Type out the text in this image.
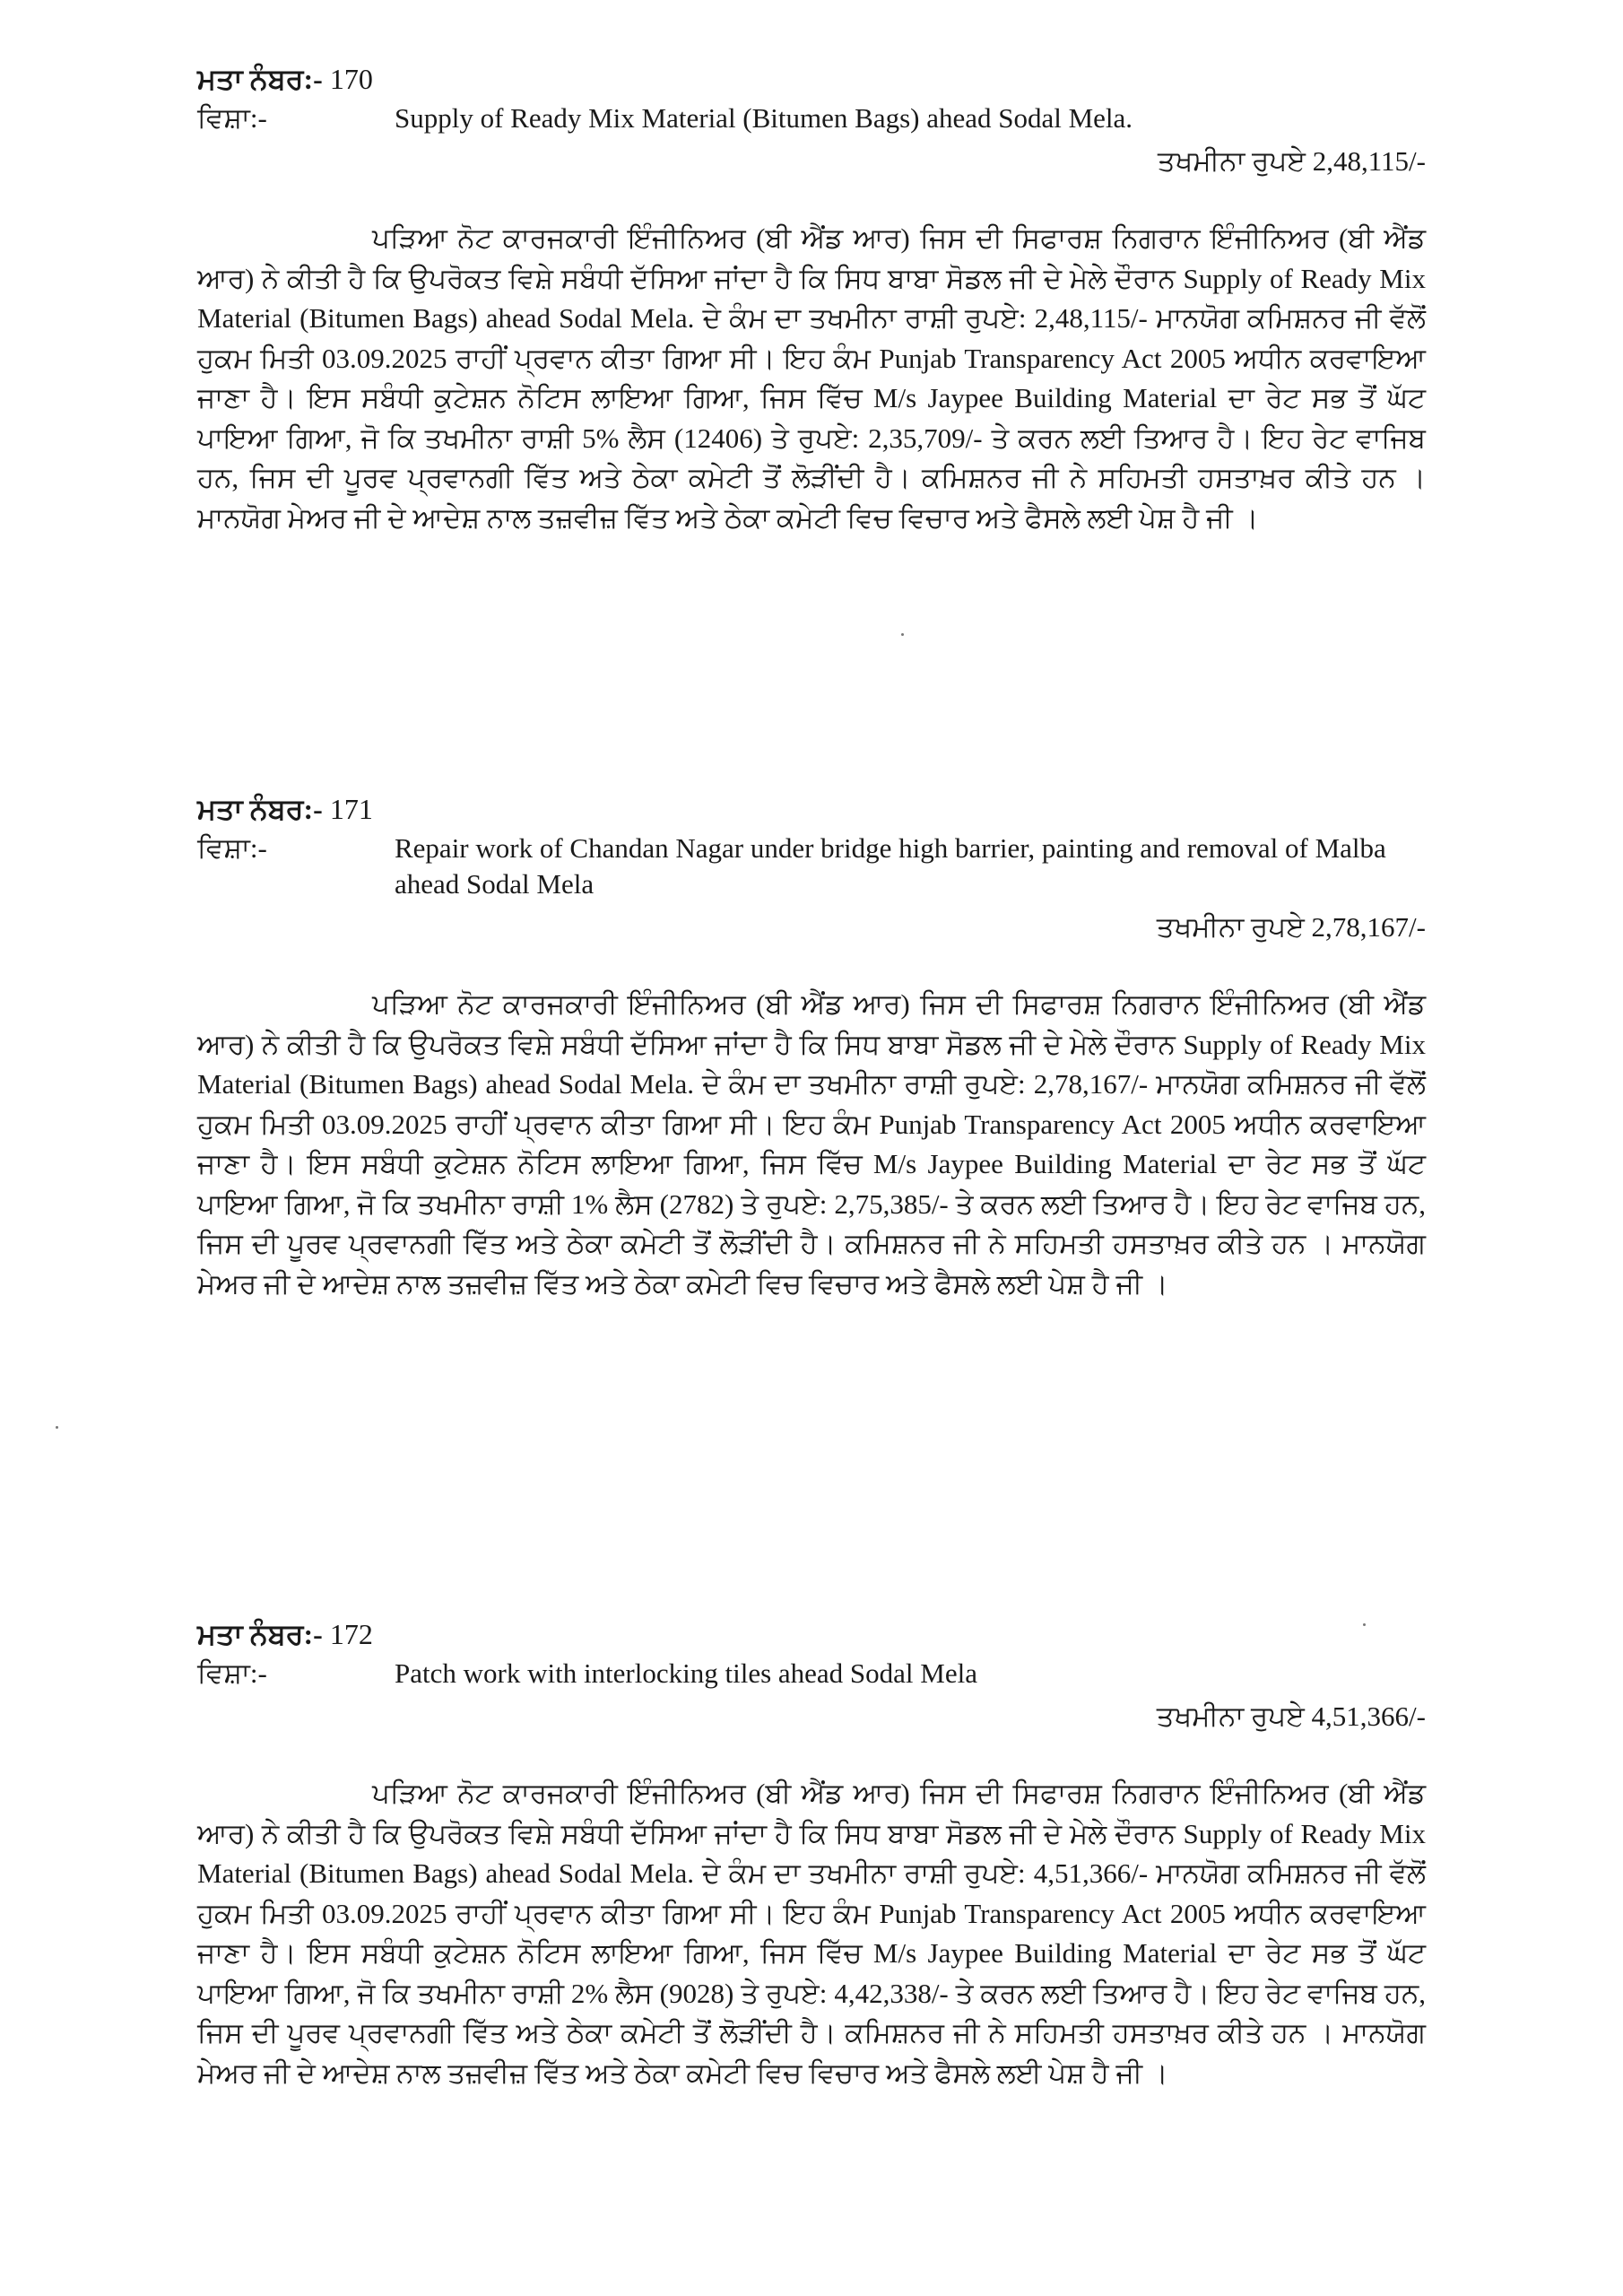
ਮਤਾ ਨੰਬਰ:- 170
ਵਿਸ਼ਾ:-	Supply of Ready Mix Material (Bitumen Bags) ahead Sodal Mela.
ਤਖਮੀਨਾ ਰੁਪਏ 2,48,115/-

ਪੜਿਆ ਨੋਟ ਕਾਰਜਕਾਰੀ ਇੰਜੀਨਿਅਰ (ਬੀ ਐਂਡ ਆਰ) ਜਿਸ ਦੀ ਸਿਫਾਰਸ਼ ਨਿਗਰਾਨ ਇੰਜੀਨਿਅਰ (ਬੀ ਐਂਡ ਆਰ) ਨੇ ਕੀਤੀ ਹੈ ਕਿ ਉਪਰੋਕਤ ਵਿਸ਼ੇ ਸਬੰਧੀ ਦੱਸਿਆ ਜਾਂਦਾ ਹੈ ਕਿ ਸਿਧ ਬਾਬਾ ਸੋਡਲ ਜੀ ਦੇ ਮੇਲੇ ਦੌਰਾਨ Supply of Ready Mix Material (Bitumen Bags) ahead Sodal Mela. ਦੇ ਕੰਮ ਦਾ ਤਖਮੀਨਾ ਰਾਸ਼ੀ ਰੁਪਏ: 2,48,115/- ਮਾਨਯੋਗ ਕਮਿਸ਼ਨਰ ਜੀ ਵੱਲੋਂ ਹੁਕਮ ਮਿਤੀ 03.09.2025 ਰਾਹੀਂ ਪ੍ਰਵਾਨ ਕੀਤਾ ਗਿਆ ਸੀ। ਇਹ ਕੰਮ Punjab Transparency Act 2005 ਅਧੀਨ ਕਰਵਾਇਆ ਜਾਣਾ ਹੈ। ਇਸ ਸਬੰਧੀ ਕੁਟੇਸ਼ਨ ਨੋਟਿਸ ਲਾਇਆ ਗਿਆ, ਜਿਸ ਵਿੱਚ M/s Jaypee Building Material ਦਾ ਰੇਟ ਸਭ ਤੋਂ ਘੱਟ ਪਾਇਆ ਗਿਆ, ਜੋ ਕਿ ਤਖਮੀਨਾ ਰਾਸ਼ੀ 5% ਲੈਸ (12406) ਤੇ ਰੁਪਏ: 2,35,709/- ਤੇ ਕਰਨ ਲਈ ਤਿਆਰ ਹੈ। ਇਹ ਰੇਟ ਵਾਜਿਬ ਹਨ, ਜਿਸ ਦੀ ਪੂਰਵ ਪ੍ਰਵਾਨਗੀ ਵਿੱਤ ਅਤੇ ਠੇਕਾ ਕਮੇਟੀ ਤੋਂ ਲੋੜੀਂਦੀ ਹੈ। ਕਮਿਸ਼ਨਰ ਜੀ ਨੇ ਸਹਿਮਤੀ ਹਸਤਾਖ਼ਰ ਕੀਤੇ ਹਨ । ਮਾਨਯੋਗ ਮੇਅਰ ਜੀ ਦੇ ਆਦੇਸ਼ ਨਾਲ ਤਜ਼ਵੀਜ਼ ਵਿੱਤ ਅਤੇ ਠੇਕਾ ਕਮੇਟੀ ਵਿਚ ਵਿਚਾਰ ਅਤੇ ਫੈਸਲੇ ਲਈ ਪੇਸ਼ ਹੈ ਜੀ ।

ਮਤਾ ਨੰਬਰ:- 171
ਵਿਸ਼ਾ:-	Repair work of Chandan Nagar under bridge high barrier, painting and removal of Malba ahead Sodal Mela
ਤਖਮੀਨਾ ਰੁਪਏ 2,78,167/-

ਪੜਿਆ ਨੋਟ ਕਾਰਜਕਾਰੀ ਇੰਜੀਨਿਅਰ (ਬੀ ਐਂਡ ਆਰ) ਜਿਸ ਦੀ ਸਿਫਾਰਸ਼ ਨਿਗਰਾਨ ਇੰਜੀਨਿਅਰ (ਬੀ ਐਂਡ ਆਰ) ਨੇ ਕੀਤੀ ਹੈ ਕਿ ਉਪਰੋਕਤ ਵਿਸ਼ੇ ਸਬੰਧੀ ਦੱਸਿਆ ਜਾਂਦਾ ਹੈ ਕਿ ਸਿਧ ਬਾਬਾ ਸੋਡਲ ਜੀ ਦੇ ਮੇਲੇ ਦੌਰਾਨ Supply of Ready Mix Material (Bitumen Bags) ahead Sodal Mela. ਦੇ ਕੰਮ ਦਾ ਤਖਮੀਨਾ ਰਾਸ਼ੀ ਰੁਪਏ: 2,78,167/- ਮਾਨਯੋਗ ਕਮਿਸ਼ਨਰ ਜੀ ਵੱਲੋਂ ਹੁਕਮ ਮਿਤੀ 03.09.2025 ਰਾਹੀਂ ਪ੍ਰਵਾਨ ਕੀਤਾ ਗਿਆ ਸੀ। ਇਹ ਕੰਮ Punjab Transparency Act 2005 ਅਧੀਨ ਕਰਵਾਇਆ ਜਾਣਾ ਹੈ। ਇਸ ਸਬੰਧੀ ਕੁਟੇਸ਼ਨ ਨੋਟਿਸ ਲਾਇਆ ਗਿਆ, ਜਿਸ ਵਿੱਚ M/s Jaypee Building Material ਦਾ ਰੇਟ ਸਭ ਤੋਂ ਘੱਟ ਪਾਇਆ ਗਿਆ, ਜੋ ਕਿ ਤਖਮੀਨਾ ਰਾਸ਼ੀ 1% ਲੈਸ (2782) ਤੇ ਰੁਪਏ: 2,75,385/- ਤੇ ਕਰਨ ਲਈ ਤਿਆਰ ਹੈ। ਇਹ ਰੇਟ ਵਾਜਿਬ ਹਨ, ਜਿਸ ਦੀ ਪੂਰਵ ਪ੍ਰਵਾਨਗੀ ਵਿੱਤ ਅਤੇ ਠੇਕਾ ਕਮੇਟੀ ਤੋਂ ਲੋੜੀਂਦੀ ਹੈ। ਕਮਿਸ਼ਨਰ ਜੀ ਨੇ ਸਹਿਮਤੀ ਹਸਤਾਖ਼ਰ ਕੀਤੇ ਹਨ । ਮਾਨਯੋਗ ਮੇਅਰ ਜੀ ਦੇ ਆਦੇਸ਼ ਨਾਲ ਤਜ਼ਵੀਜ਼ ਵਿੱਤ ਅਤੇ ਠੇਕਾ ਕਮੇਟੀ ਵਿਚ ਵਿਚਾਰ ਅਤੇ ਫੈਸਲੇ ਲਈ ਪੇਸ਼ ਹੈ ਜੀ ।

ਮਤਾ ਨੰਬਰ:- 172
ਵਿਸ਼ਾ:-	Patch work with interlocking tiles ahead Sodal Mela
ਤਖਮੀਨਾ ਰੁਪਏ 4,51,366/-

ਪੜਿਆ ਨੋਟ ਕਾਰਜਕਾਰੀ ਇੰਜੀਨਿਅਰ (ਬੀ ਐਂਡ ਆਰ) ਜਿਸ ਦੀ ਸਿਫਾਰਸ਼ ਨਿਗਰਾਨ ਇੰਜੀਨਿਅਰ (ਬੀ ਐਂਡ ਆਰ) ਨੇ ਕੀਤੀ ਹੈ ਕਿ ਉਪਰੋਕਤ ਵਿਸ਼ੇ ਸਬੰਧੀ ਦੱਸਿਆ ਜਾਂਦਾ ਹੈ ਕਿ ਸਿਧ ਬਾਬਾ ਸੋਡਲ ਜੀ ਦੇ ਮੇਲੇ ਦੌਰਾਨ Supply of Ready Mix Material (Bitumen Bags) ahead Sodal Mela. ਦੇ ਕੰਮ ਦਾ ਤਖਮੀਨਾ ਰਾਸ਼ੀ ਰੁਪਏ: 4,51,366/- ਮਾਨਯੋਗ ਕਮਿਸ਼ਨਰ ਜੀ ਵੱਲੋਂ ਹੁਕਮ ਮਿਤੀ 03.09.2025 ਰਾਹੀਂ ਪ੍ਰਵਾਨ ਕੀਤਾ ਗਿਆ ਸੀ। ਇਹ ਕੰਮ Punjab Transparency Act 2005 ਅਧੀਨ ਕਰਵਾਇਆ ਜਾਣਾ ਹੈ। ਇਸ ਸਬੰਧੀ ਕੁਟੇਸ਼ਨ ਨੋਟਿਸ ਲਾਇਆ ਗਿਆ, ਜਿਸ ਵਿੱਚ M/s Jaypee Building Material ਦਾ ਰੇਟ ਸਭ ਤੋਂ ਘੱਟ ਪਾਇਆ ਗਿਆ, ਜੋ ਕਿ ਤਖਮੀਨਾ ਰਾਸ਼ੀ 2% ਲੈਸ (9028) ਤੇ ਰੁਪਏ: 4,42,338/- ਤੇ ਕਰਨ ਲਈ ਤਿਆਰ ਹੈ। ਇਹ ਰੇਟ ਵਾਜਿਬ ਹਨ, ਜਿਸ ਦੀ ਪੂਰਵ ਪ੍ਰਵਾਨਗੀ ਵਿੱਤ ਅਤੇ ਠੇਕਾ ਕਮੇਟੀ ਤੋਂ ਲੋੜੀਂਦੀ ਹੈ। ਕਮਿਸ਼ਨਰ ਜੀ ਨੇ ਸਹਿਮਤੀ ਹਸਤਾਖ਼ਰ ਕੀਤੇ ਹਨ । ਮਾਨਯੋਗ ਮੇਅਰ ਜੀ ਦੇ ਆਦੇਸ਼ ਨਾਲ ਤਜ਼ਵੀਜ਼ ਵਿੱਤ ਅਤੇ ਠੇਕਾ ਕਮੇਟੀ ਵਿਚ ਵਿਚਾਰ ਅਤੇ ਫੈਸਲੇ ਲਈ ਪੇਸ਼ ਹੈ ਜੀ ।
